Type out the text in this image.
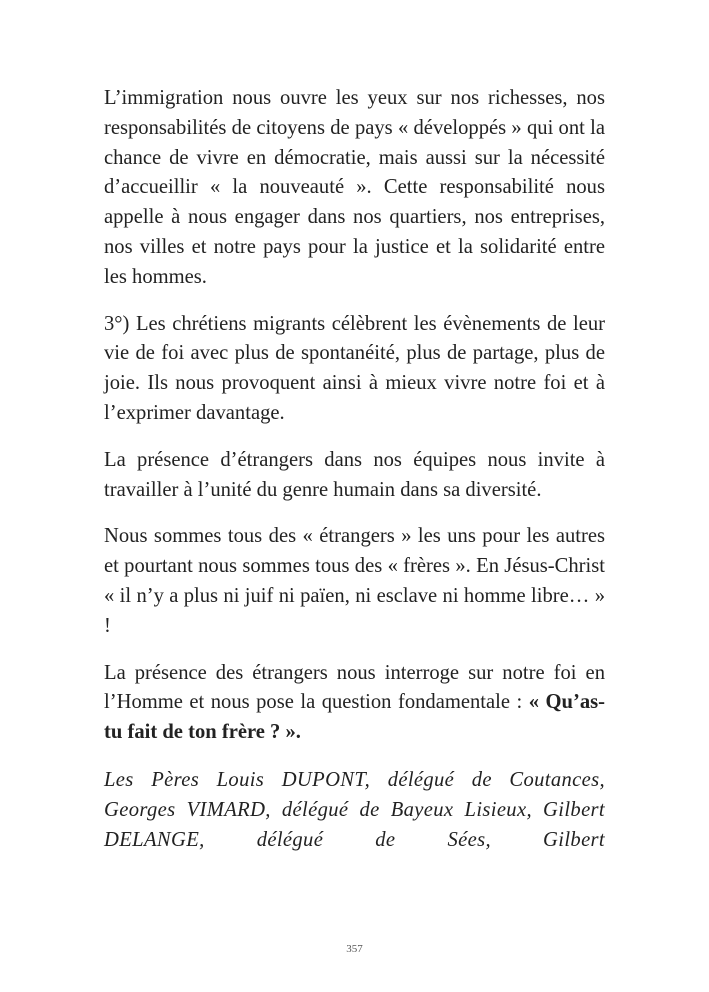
L’immigration nous ouvre les yeux sur nos richesses, nos responsabilités de citoyens de pays « développés » qui ont la chance de vivre en démocratie, mais aussi sur la nécessité d’accueillir « la nouveauté ». Cette responsabilité nous appelle à nous engager dans nos quartiers, nos entreprises, nos villes et notre pays pour la justice et la solidarité entre les hommes.

3°) Les chrétiens migrants célèbrent les évènements de leur vie de foi avec plus de spontanéité, plus de partage, plus de joie. Ils nous provoquent ainsi à mieux vivre notre foi et à l’exprimer davantage.

La présence d’étrangers dans nos équipes nous invite à travailler à l’unité du genre humain dans sa diversité.

Nous sommes tous des « étrangers » les uns pour les autres et pourtant nous sommes tous des « frères ». En Jésus-Christ « il n’y a plus ni juif ni païen, ni esclave ni homme libre… » !

La présence des étrangers nous interroge sur notre foi en l’Homme et nous pose la question fondamentale : « Qu’as-tu fait de ton frère ? ».

Les Pères Louis DUPONT, délégué de Coutances, Georges VIMARD, délégué de Bayeux Lisieux, Gilbert DELANGE, délégué de Sées, Gilbert

357
